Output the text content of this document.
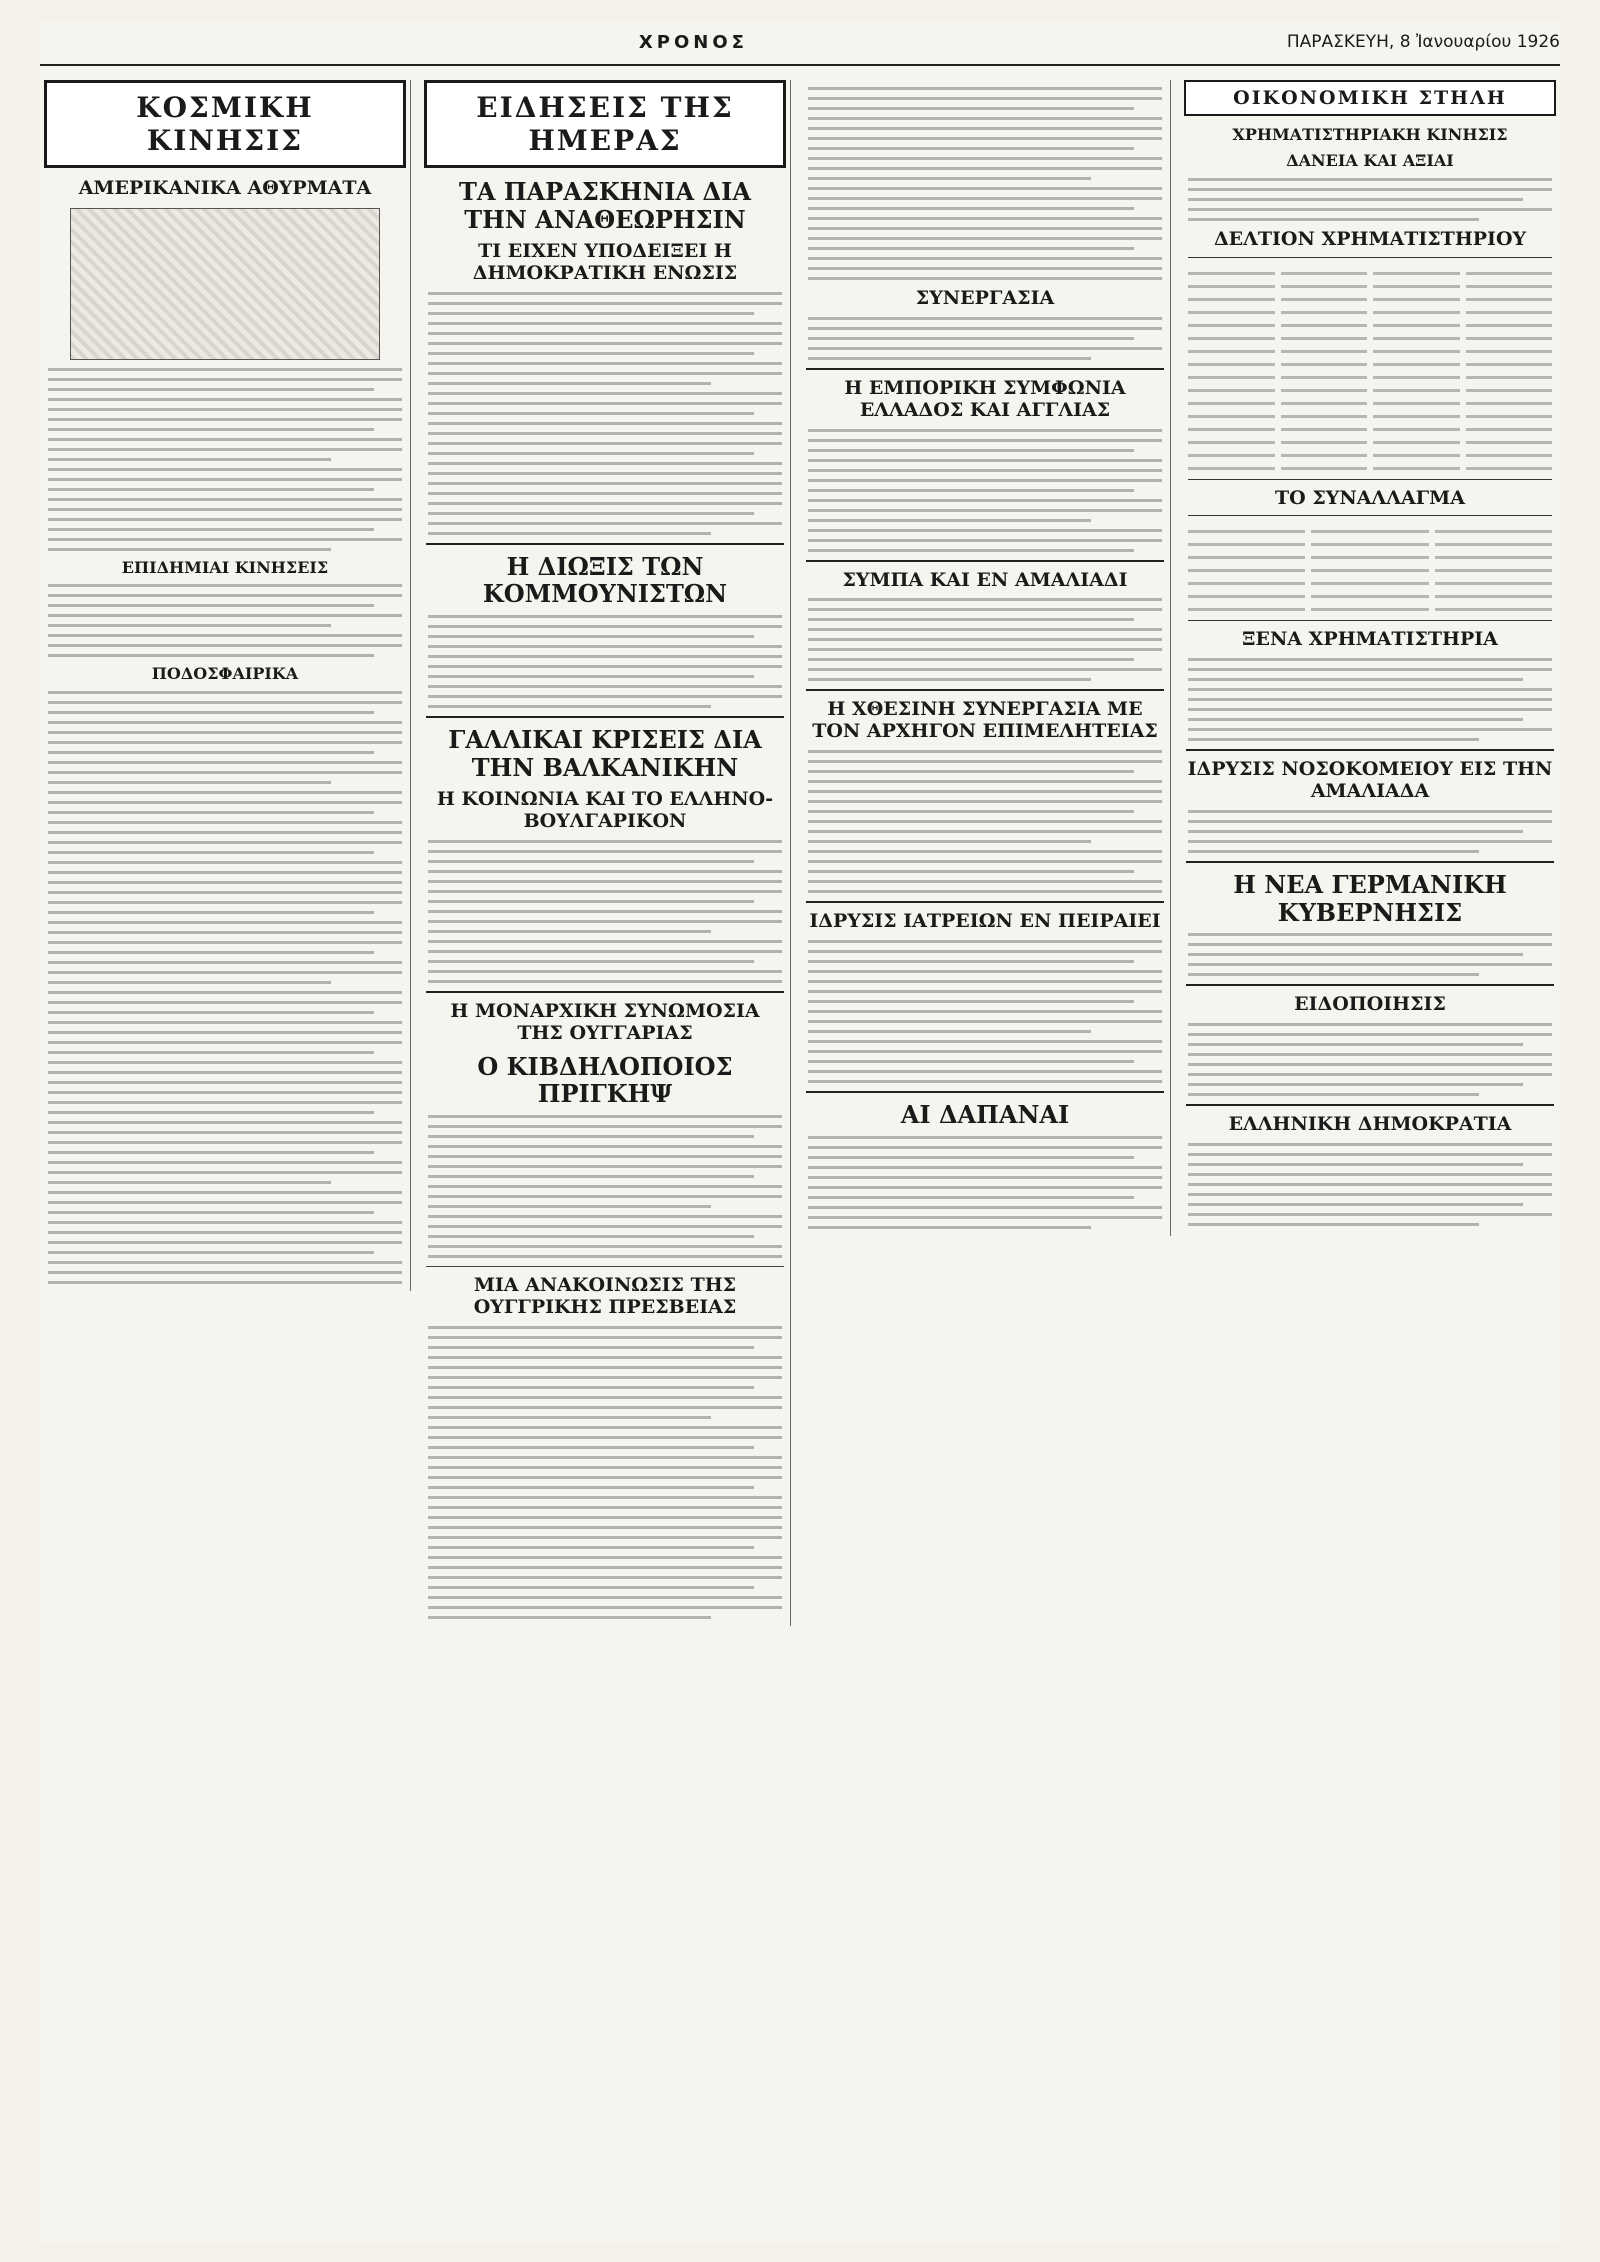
ΧΡΟΝΟΣ	ΠΑΡΑΣΚΕΥΗ, 8 Ἰανουαρίου 1926
ΚΟΣΜΙΚΗ ΚΙΝΗΣΙΣ
ΑΜΕΡΙΚΑΝΙΚΑ ΑΘΥΡΜΑΤΑ
ΕΠΙΔΗΜΙΑΙ ΚΙΝΗΣΕΙΣ
ΠΟΔΟΣΦΑΙΡΙΚΑ
ΕΙΔΗΣΕΙΣ ΤΗΣ ΗΜΕΡΑΣ
ΤΑ ΠΑΡΑΣΚΗΝΙΑ ΔΙΑ ΤΗΝ ΑΝΑΘΕΩΡΗΣΙΝ
ΤΙ ΕΙΧΕΝ ΥΠΟΔΕΙΞΕΙ Η ΔΗΜΟΚΡΑΤΙΚΗ ΕΝΩΣΙΣ
Η ΔΙΩΞΙΣ ΤΩΝ ΚΟΜΜΟΥΝΙΣΤΩΝ
ΓΑΛΛΙΚΑΙ ΚΡΙΣΕΙΣ ΔΙΑ ΤΗΝ ΒΑΛΚΑΝΙΚΗΝ
Η ΚΟΙΝΩΝΙΑ ΚΑΙ ΤΟ ΕΛΛΗΝΟ-ΒΟΥΛΓΑΡΙΚΟΝ
Η ΜΟΝΑΡΧΙΚΗ ΣΥΝΩΜΟΣΙΑ ΤΗΣ ΟΥΓΓΑΡΙΑΣ
Ο ΚΙΒΔΗΛΟΠΟΙΟΣ ΠΡΙΓΚΗΨ
ΜΙΑ ΑΝΑΚΟΙΝΩΣΙΣ ΤΗΣ ΟΥΓΓΡΙΚΗΣ ΠΡΕΣΒΕΙΑΣ
ΣΥΝΕΡΓΑΣΙΑ
Η ΕΜΠΟΡΙΚΗ ΣΥΜΦΩΝΙΑ ΕΛΛΑΔΟΣ ΚΑΙ ΑΓΓΛΙΑΣ
ΣΥΜΠΑ ΚΑΙ ΕΝ ΑΜΑΛΙΑΔΙ
Η ΧΘΕΣΙΝΗ ΣΥΝΕΡΓΑΣΙΑ ΜΕ ΤΟΝ ΑΡΧΗΓΟΝ ΕΠΙΜΕΛΗΤΕΙΑΣ
ΙΔΡΥΣΙΣ ΙΑΤΡΕΙΩΝ ΕΝ ΠΕΙΡΑΙΕΙ
ΑΙ ΔΑΠΑΝΑΙ
ΟΙΚΟΝΟΜΙΚΗ ΣΤΗΛΗ
ΧΡΗΜΑΤΙΣΤΗΡΙΑΚΗ ΚΙΝΗΣΙΣ
ΔΑΝΕΙΑ ΚΑΙ ΑΞΙΑΙ
ΔΕΛΤΙΟΝ ΧΡΗΜΑΤΙΣΤΗΡΙΟΥ
ΤΟ ΣΥΝΑΛΛΑΓΜΑ
ΞΕΝΑ ΧΡΗΜΑΤΙΣΤΗΡΙΑ
ΙΔΡΥΣΙΣ ΝΟΣΟΚΟΜΕΙΟΥ ΕΙΣ ΤΗΝ ΑΜΑΛΙΑΔΑ
Η ΝΕΑ ΓΕΡΜΑΝΙΚΗ ΚΥΒΕΡΝΗΣΙΣ
ΕΙΔΟΠΟΙΗΣΙΣ
ΕΛΛΗΝΙΚΗ ΔΗΜΟΚΡΑΤΙΑ
